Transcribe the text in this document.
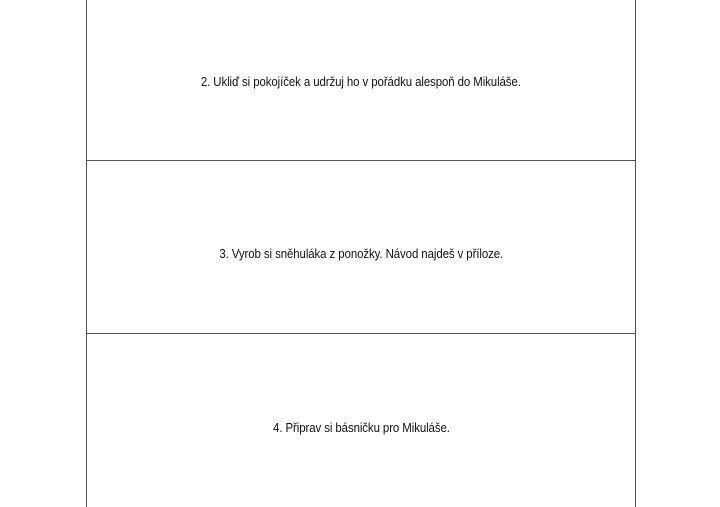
2. Ukliď si pokojíček a udržuj ho v pořádku alespoň do Mikuláše.
3. Vyrob si sněhuláka z ponožky. Návod najdeš v příloze.
4. Připrav si básničku pro Mikuláše.
